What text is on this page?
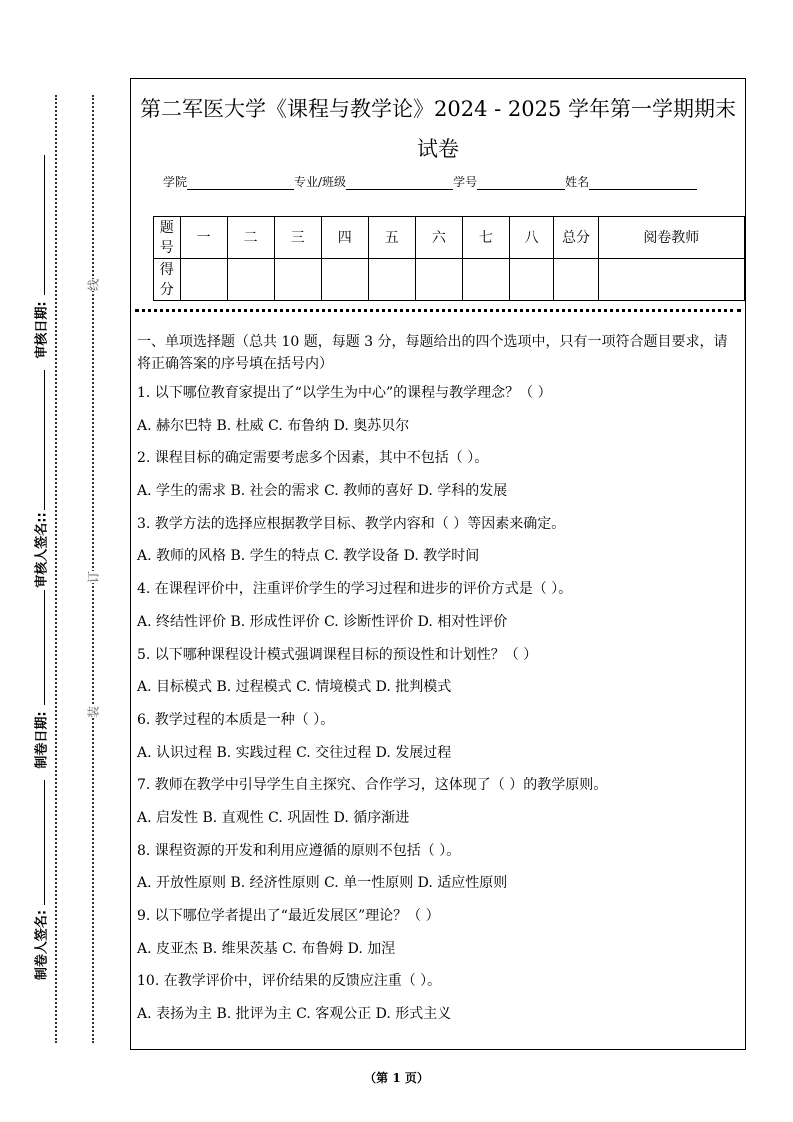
审核日期:
审核人签名::
制卷日期:
制卷人签名:
线
订
装
第二军医大学《课程与教学论》2024 - 2025 学年第一学期期末试卷
学院	专业/班级	学号	姓名
题号	一	二	三	四	五	六	七	八	总分	阅卷教师
得分										
一、单项选择题（总共 10 题，每题 3 分，每题给出的四个选项中，只有一项符合题目要求，请将正确答案的序号填在括号内）
1. 以下哪位教育家提出了“以学生为中心”的课程与教学理念？（ ）
A. 赫尔巴特 B. 杜威 C. 布鲁纳 D. 奥苏贝尔
2. 课程目标的确定需要考虑多个因素，其中不包括（ ）。
A. 学生的需求 B. 社会的需求 C. 教师的喜好 D. 学科的发展
3. 教学方法的选择应根据教学目标、教学内容和（ ）等因素来确定。
A. 教师的风格 B. 学生的特点 C. 教学设备 D. 教学时间
4. 在课程评价中，注重评价学生的学习过程和进步的评价方式是（ ）。
A. 终结性评价 B. 形成性评价 C. 诊断性评价 D. 相对性评价
5. 以下哪种课程设计模式强调课程目标的预设性和计划性？（ ）
A. 目标模式 B. 过程模式 C. 情境模式 D. 批判模式
6. 教学过程的本质是一种（ ）。
A. 认识过程 B. 实践过程 C. 交往过程 D. 发展过程
7. 教师在教学中引导学生自主探究、合作学习，这体现了（ ）的教学原则。
A. 启发性 B. 直观性 C. 巩固性 D. 循序渐进
8. 课程资源的开发和利用应遵循的原则不包括（ ）。
A. 开放性原则 B. 经济性原则 C. 单一性原则 D. 适应性原则
9. 以下哪位学者提出了“最近发展区”理论？（ ）
A. 皮亚杰 B. 维果茨基 C. 布鲁姆 D. 加涅
10. 在教学评价中，评价结果的反馈应注重（ ）。
A. 表扬为主 B. 批评为主 C. 客观公正 D. 形式主义
（第 1 页）
